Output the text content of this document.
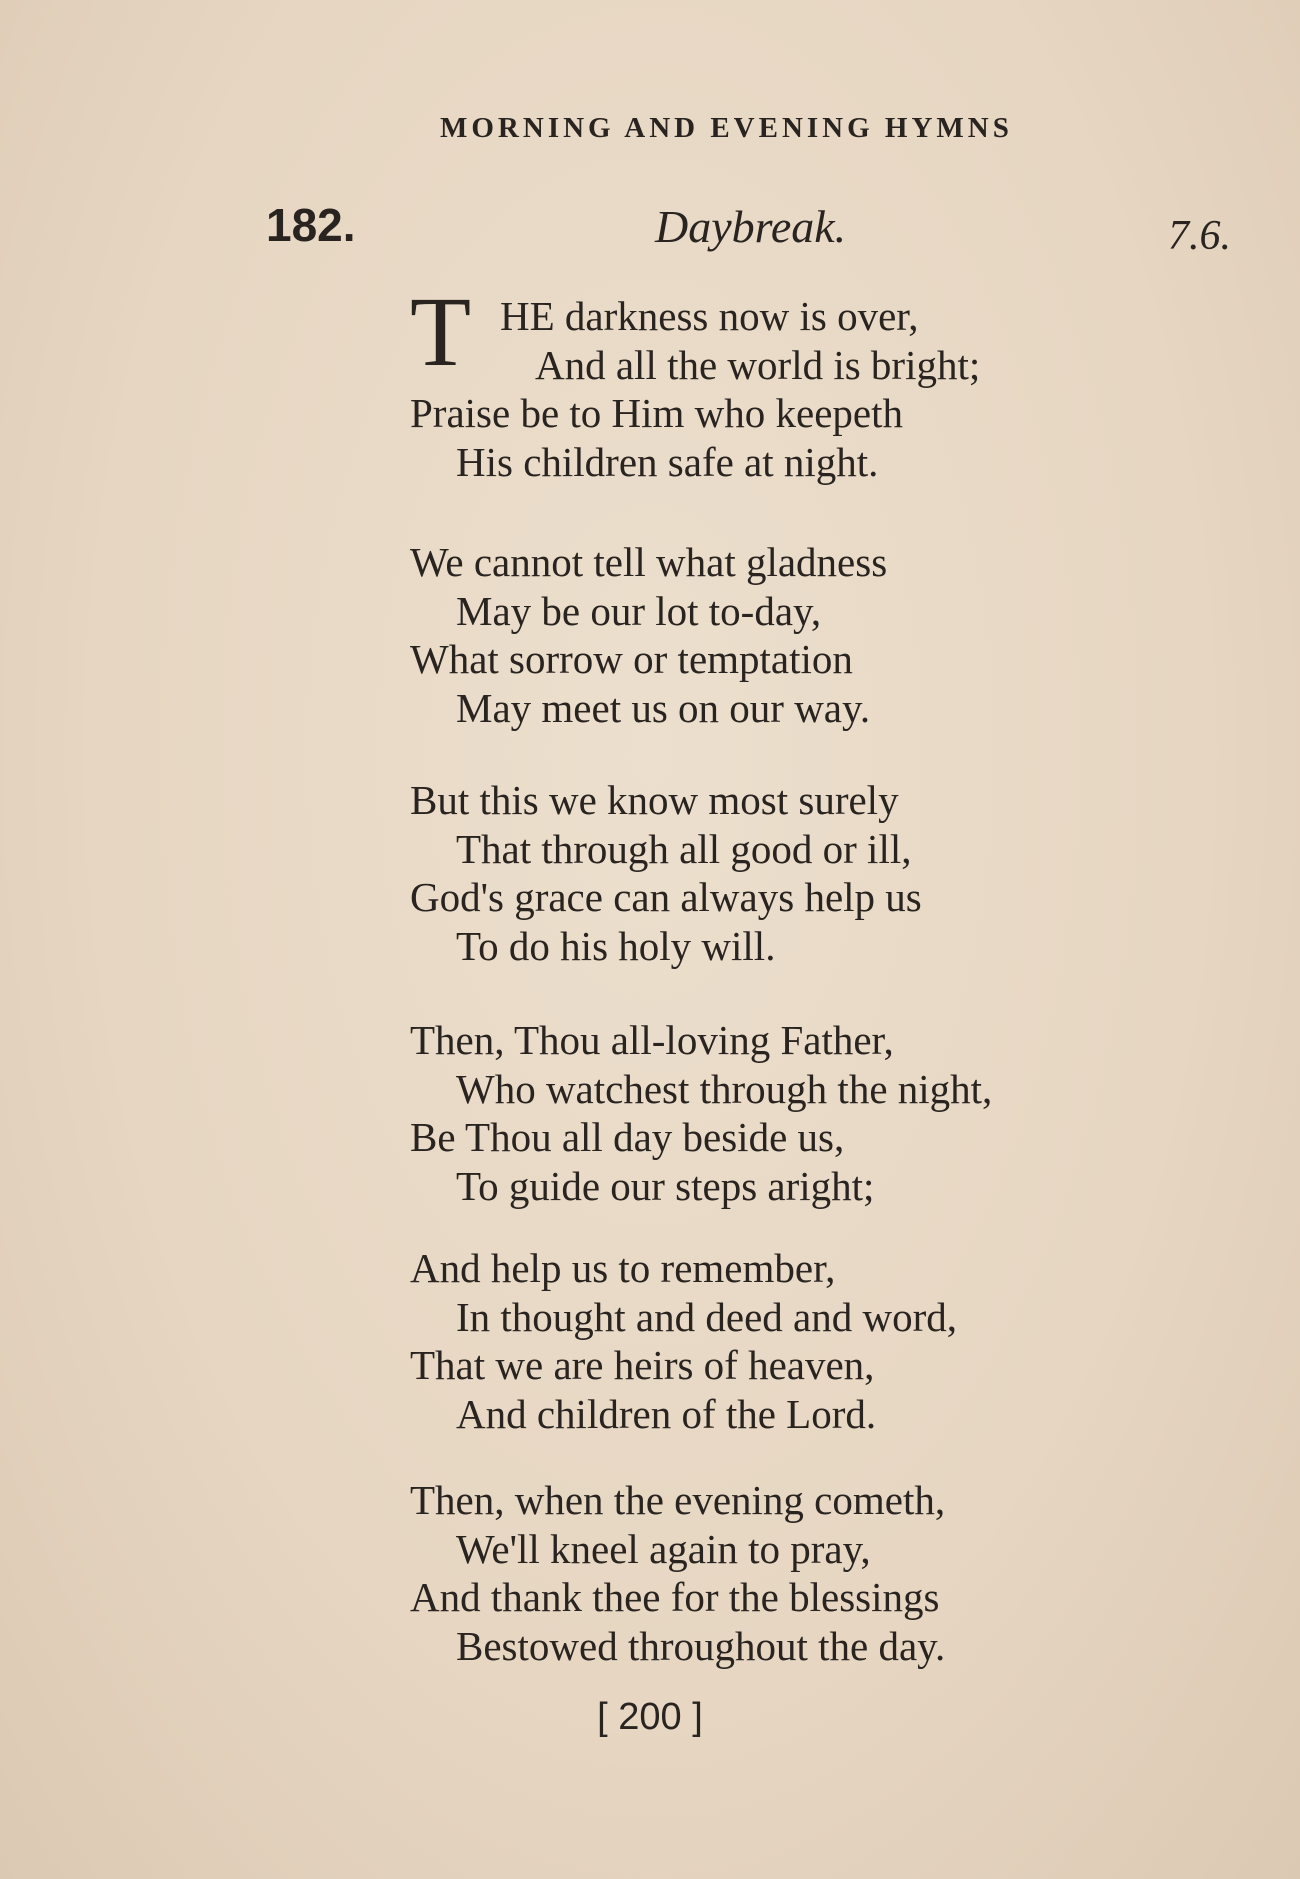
MORNING AND EVENING HYMNS
182.	Daybreak.	7.6.
T HE darkness now is over,
And all the world is bright;
Praise be to Him who keepeth
His children safe at night.
We cannot tell what gladness
May be our lot to-day,
What sorrow or temptation
May meet us on our way.
But this we know most surely
That through all good or ill,
God's grace can always help us
To do his holy will.
Then, Thou all-loving Father,
Who watchest through the night,
Be Thou all day beside us,
To guide our steps aright;
And help us to remember,
In thought and deed and word,
That we are heirs of heaven,
And children of the Lord.
Then, when the evening cometh,
We'll kneel again to pray,
And thank thee for the blessings
Bestowed throughout the day.
[ 200 ]
